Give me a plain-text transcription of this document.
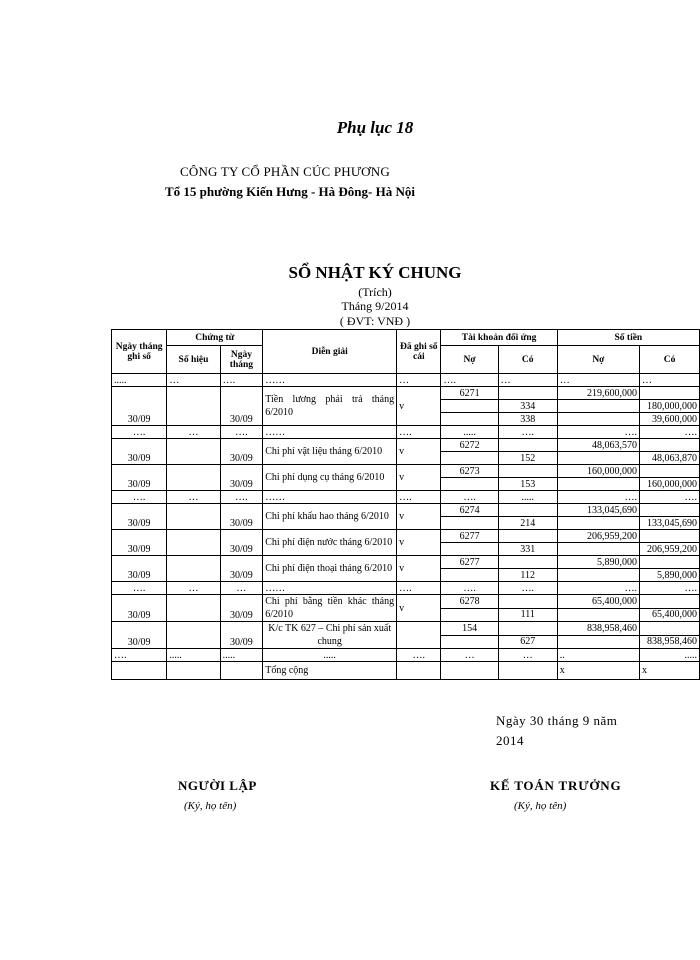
Phụ lục 18
CÔNG TY CỔ PHẦN CÚC PHƯƠNG
Tổ 15 phường Kiến Hưng - Hà Đông- Hà Nội
SỔ NHẬT KÝ CHUNG
(Trích)
Tháng 9/2014
( ĐVT: VNĐ )
Ngày tháng ghi sổ	Chứng từ		Diễn giải	Đã ghi sổ cái	Tài khoản đối ứng		Số tiền	
	Số hiệu	Ngày tháng			Nợ	Có	Nợ	Có
.....	…	….	……	…	….	…	…	…
30/09		30/09	Tiền lương phải trả tháng 6/2010	v	6271		219,600,000	
						334		180,000,000
						338		39,600,000
….	…	….	……	….	.....	….	….	….
30/09		30/09	Chi phí vật liệu tháng 6/2010	v	6272		48,063,570	
						152		48,063,870
30/09		30/09	Chi phí dụng cụ tháng 6/2010	v	6273		160,000,000	
						153		160,000,000
….	…	….	……	….	….	.....	….	….
30/09		30/09	Chi phí khấu hao tháng 6/2010	v	6274		133,045,690	
						214		133,045,690
30/09		30/09	Chi phí điện nước tháng 6/2010	v	6277		206,959,200	
						331		206,959,200
30/09		30/09	Chi phí điện thoại tháng 6/2010	v	6277		5,890,000	
						112		5,890,000
….	…	…	……	….	….	….	….	….
30/09		30/09	Chi phí bằng tiền khác tháng 6/2010	v	6278		65,400,000	
						111		65,400,000
30/09		30/09	K/c TK 627 – Chi phí sản xuất chung		154		838,958,460	
						627		838,958,460
….	.....	.....	.....	….	…	…	..	.....
			Tổng cộng				x	x
Ngày 30 tháng 9 năm 2014
NGƯỜI LẬP	KẾ TOÁN TRƯỞNG
(Ký, họ tên)	(Ký, họ tên)
